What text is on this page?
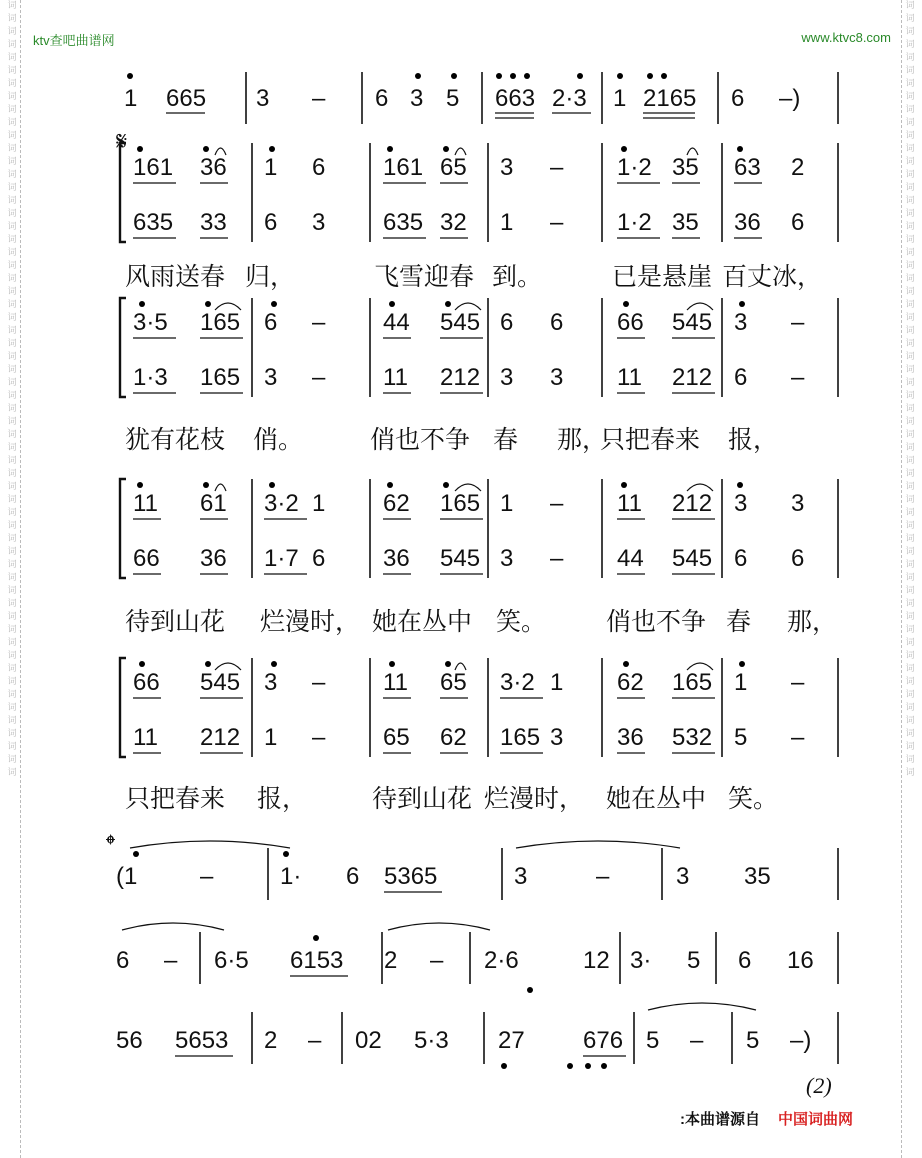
词
词
词
词
词
词
词
词
词
词
词
词
词
词
词
词
词
词
词
词
词
词
词
词
词
词
词
词
词
词
词
词
词
词
词
词
词
词
词
词
词
词
词
词
词
词
词
词
词
词
词
词
词
词
词
词
词
词
词
词

词
词
词
词
词
词
词
词
词
词
词
词
词
词
词
词
词
词
词
词
词
词
词
词
词
词
词
词
词
词
词
词
词
词
词
词
词
词
词
词
词
词
词
词
词
词
词
词
词
词
词
词
词
词
词
词
词
词
词
词

ktv查吧曲谱网	www.ktvc8.com
1 665 3 – 6 3 5 663 2·3 1 2165 6 –)
𝄋
161 36 1 6 161 65 3 – 1·2 35 63 2
635 33 6 3 635 32 1 – 1·2 35 36 6
风雨送春 归，	飞雪迎春 到。	已是悬崖 百丈冰，
3·5 165 6 – 44 545 6 6 66 545 3 –
1·3 165 3 – 11 212 3 3 11 212 6 –
犹有花枝 俏。	俏也不争 春 那，
只把春来 报，
11 61 3·2 1 62 165 1 – 11 212 3 3
66 36 1·7 6 36 545 3 – 44 545 6 6
待到山花 烂漫时， 她在丛中 笑。 俏也不争 春 那，
66 545 3 – 11 65 3·2 1 62 165 1 –
11 212 1 – 65 62 165 3 36 532 5 –
只把春来 报，	待到山花 烂漫时， 她在丛中 笑。
𝄌
(1	–	1· 6 5365	3	–	3 35
6 – 6·5 6153 2 – 2·6	12 3· 5 6 16
56 5653 2 – 02 5·3 27 676 5 – 5 –)
(2)
:本曲谱源自 中国词曲网
